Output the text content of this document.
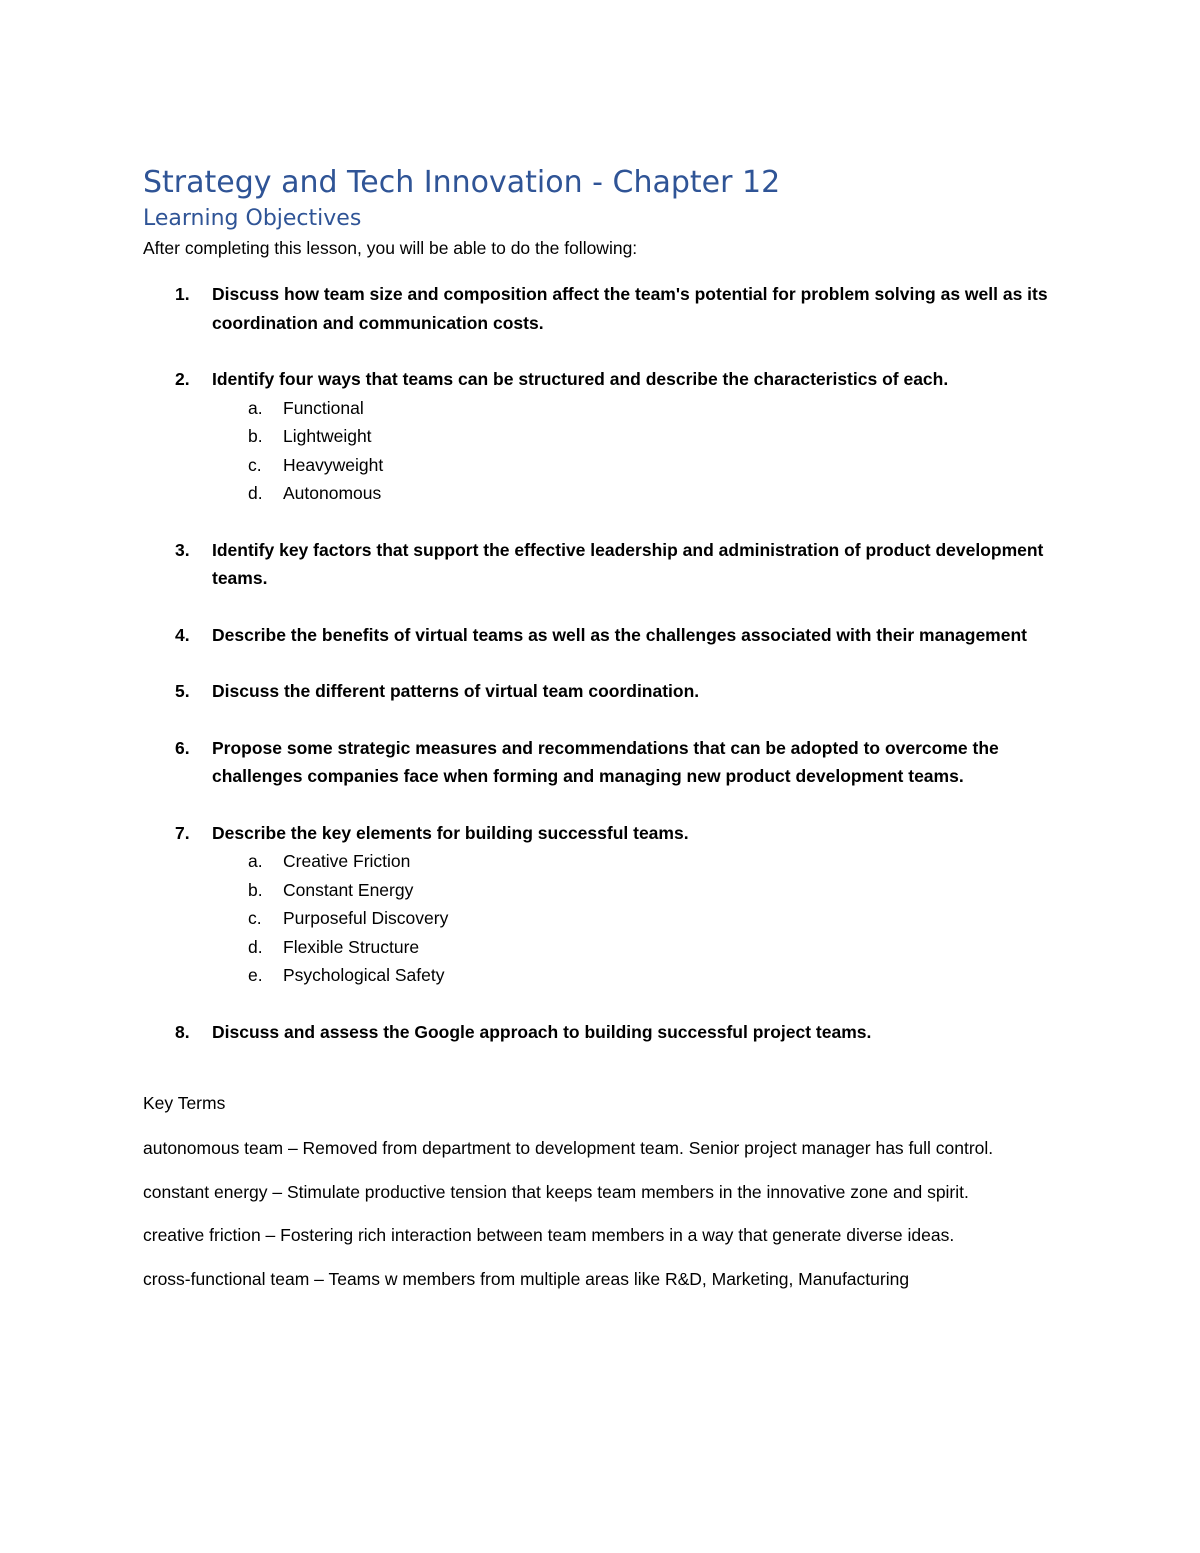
Strategy and Tech Innovation - Chapter 12
Learning Objectives

After completing this lesson, you will be able to do the following:

1. Discuss how team size and composition affect the team's potential for problem solving as well as its coordination and communication costs.
2. Identify four ways that teams can be structured and describe the characteristics of each.
a. Functional
b. Lightweight
c. Heavyweight
d. Autonomous
3. Identify key factors that support the effective leadership and administration of product development teams.
4. Describe the benefits of virtual teams as well as the challenges associated with their management
5. Discuss the different patterns of virtual team coordination.
6. Propose some strategic measures and recommendations that can be adopted to overcome the challenges companies face when forming and managing new product development teams.
7. Describe the key elements for building successful teams.
a. Creative Friction
b. Constant Energy
c. Purposeful Discovery
d. Flexible Structure
e. Psychological Safety
8. Discuss and assess the Google approach to building successful project teams.

Key Terms

autonomous team – Removed from department to development team. Senior project manager has full control.

constant energy – Stimulate productive tension that keeps team members in the innovative zone and spirit.

creative friction – Fostering rich interaction between team members in a way that generate diverse ideas.

cross-functional team – Teams w members from multiple areas like R&D, Marketing, Manufacturing
